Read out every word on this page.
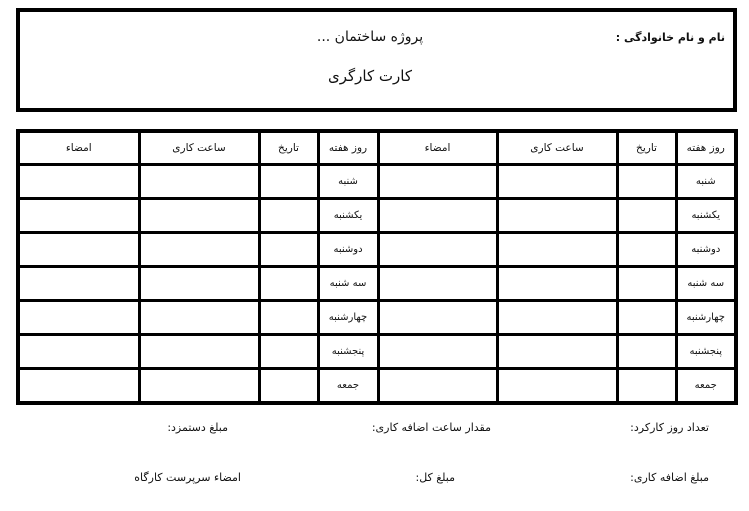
نام و نام خانوادگی :
پروژه ساختمان ...
کارت کارگری
روز هفته	تاریخ	ساعت کاری	امضاء	روز هفته	تاریخ	ساعت کاری	امضاء
شنبه				شنبه			
یکشنبه				یکشنبه			
دوشنبه				دوشنبه			
سه شنبه				سه شنبه			
چهارشنبه				چهارشنبه			
پنجشنبه				پنجشنبه			
جمعه				جمعه			
تعداد روز کارکرد:
مقدار ساعت اضافه کاری:
مبلغ دستمزد:
مبلغ اضافه کاری:
مبلغ کل:
امضاء سرپرست کارگاه
